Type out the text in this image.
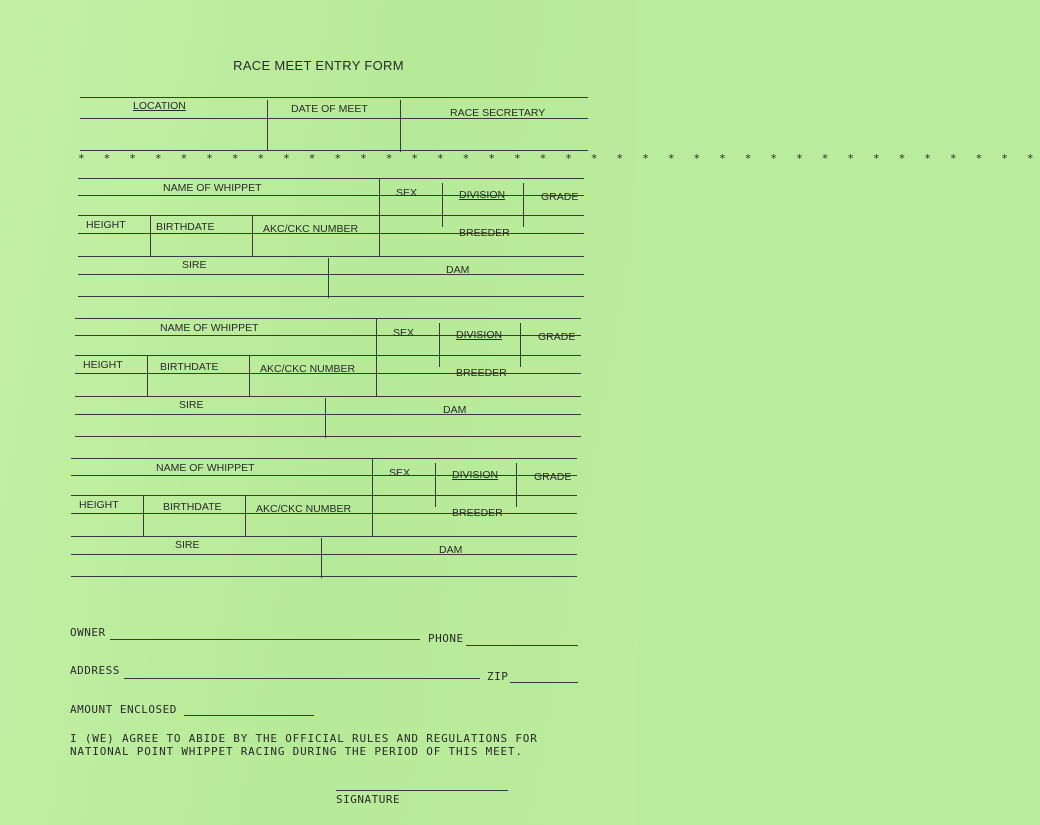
RACE MEET ENTRY FORM
LOCATION	DATE OF MEET	RACE SECRETARY
* * * * * * * * * * * * * * * * * * * * * * * * * * * * * * * * * * * * * *
NAME OF WHIPPET	SEX	DIVISION	GRADE
HEIGHT	BIRTHDATE	AKC/CKC NUMBER	BREEDER
SIRE	DAM
NAME OF WHIPPET	SEX	DIVISION	GRADE
HEIGHT	BIRTHDATE	AKC/CKC NUMBER	BREEDER
SIRE	DAM
NAME OF WHIPPET	SEX	DIVISION	GRADE
HEIGHT	BIRTHDATE	AKC/CKC NUMBER	BREEDER
SIRE	DAM
OWNER	PHONE
ADDRESS	ZIP
AMOUNT ENCLOSED
I (WE) AGREE TO ABIDE BY THE OFFICIAL RULES AND REGULATIONS FOR
NATIONAL POINT WHIPPET RACING DURING THE PERIOD OF THIS MEET.
SIGNATURE
